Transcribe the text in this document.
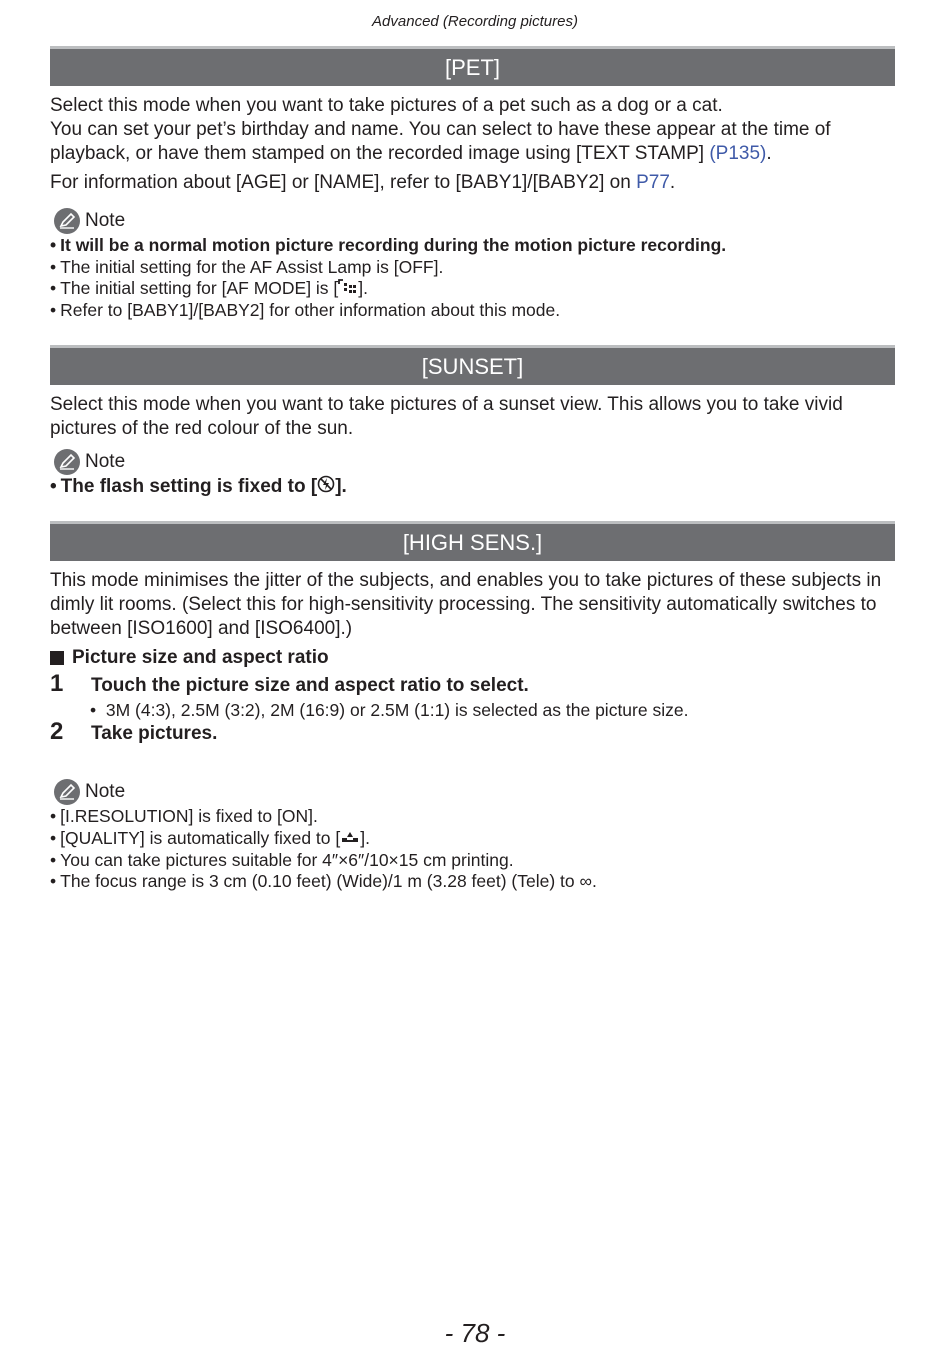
Advanced (Recording pictures)
[PET]

Select this mode when you want to take pictures of a pet such as a dog or a cat.
You can set your pet’s birthday and name. You can select to have these appear at the time of playback, or have them stamped on the recorded image using [TEXT STAMP] (P135).

For information about [AGE] or [NAME], refer to [BABY1]/[BABY2] on P77.

Note
• It will be a normal motion picture recording during the motion picture recording.
• The initial setting for the AF Assist Lamp is [OFF].
• The initial setting for [AF MODE] is [ ].
• Refer to [BABY1]/[BABY2] for other information about this mode.
[SUNSET]

Select this mode when you want to take pictures of a sunset view. This allows you to take vivid pictures of the red colour of the sun.

Note
• The flash setting is fixed to [ ].
[HIGH SENS.]

This mode minimises the jitter of the subjects, and enables you to take pictures of these subjects in dimly lit rooms. (Select this for high-sensitivity processing. The sensitivity automatically switches to between [ISO1600] and [ISO6400].)

Picture size and aspect ratio
1 Touch the picture size and aspect ratio to select.
•  3M (4:3), 2.5M (3:2), 2M (16:9) or 2.5M (1:1) is selected as the picture size.
2 Take pictures.
Note
• [I.RESOLUTION] is fixed to [ON].
• [QUALITY] is automatically fixed to [ ].
• You can take pictures suitable for 4″×6″/10×15 cm printing.
• The focus range is 3 cm (0.10 feet) (Wide)/1 m (3.28 feet) (Tele) to ∞.
- 78 -
